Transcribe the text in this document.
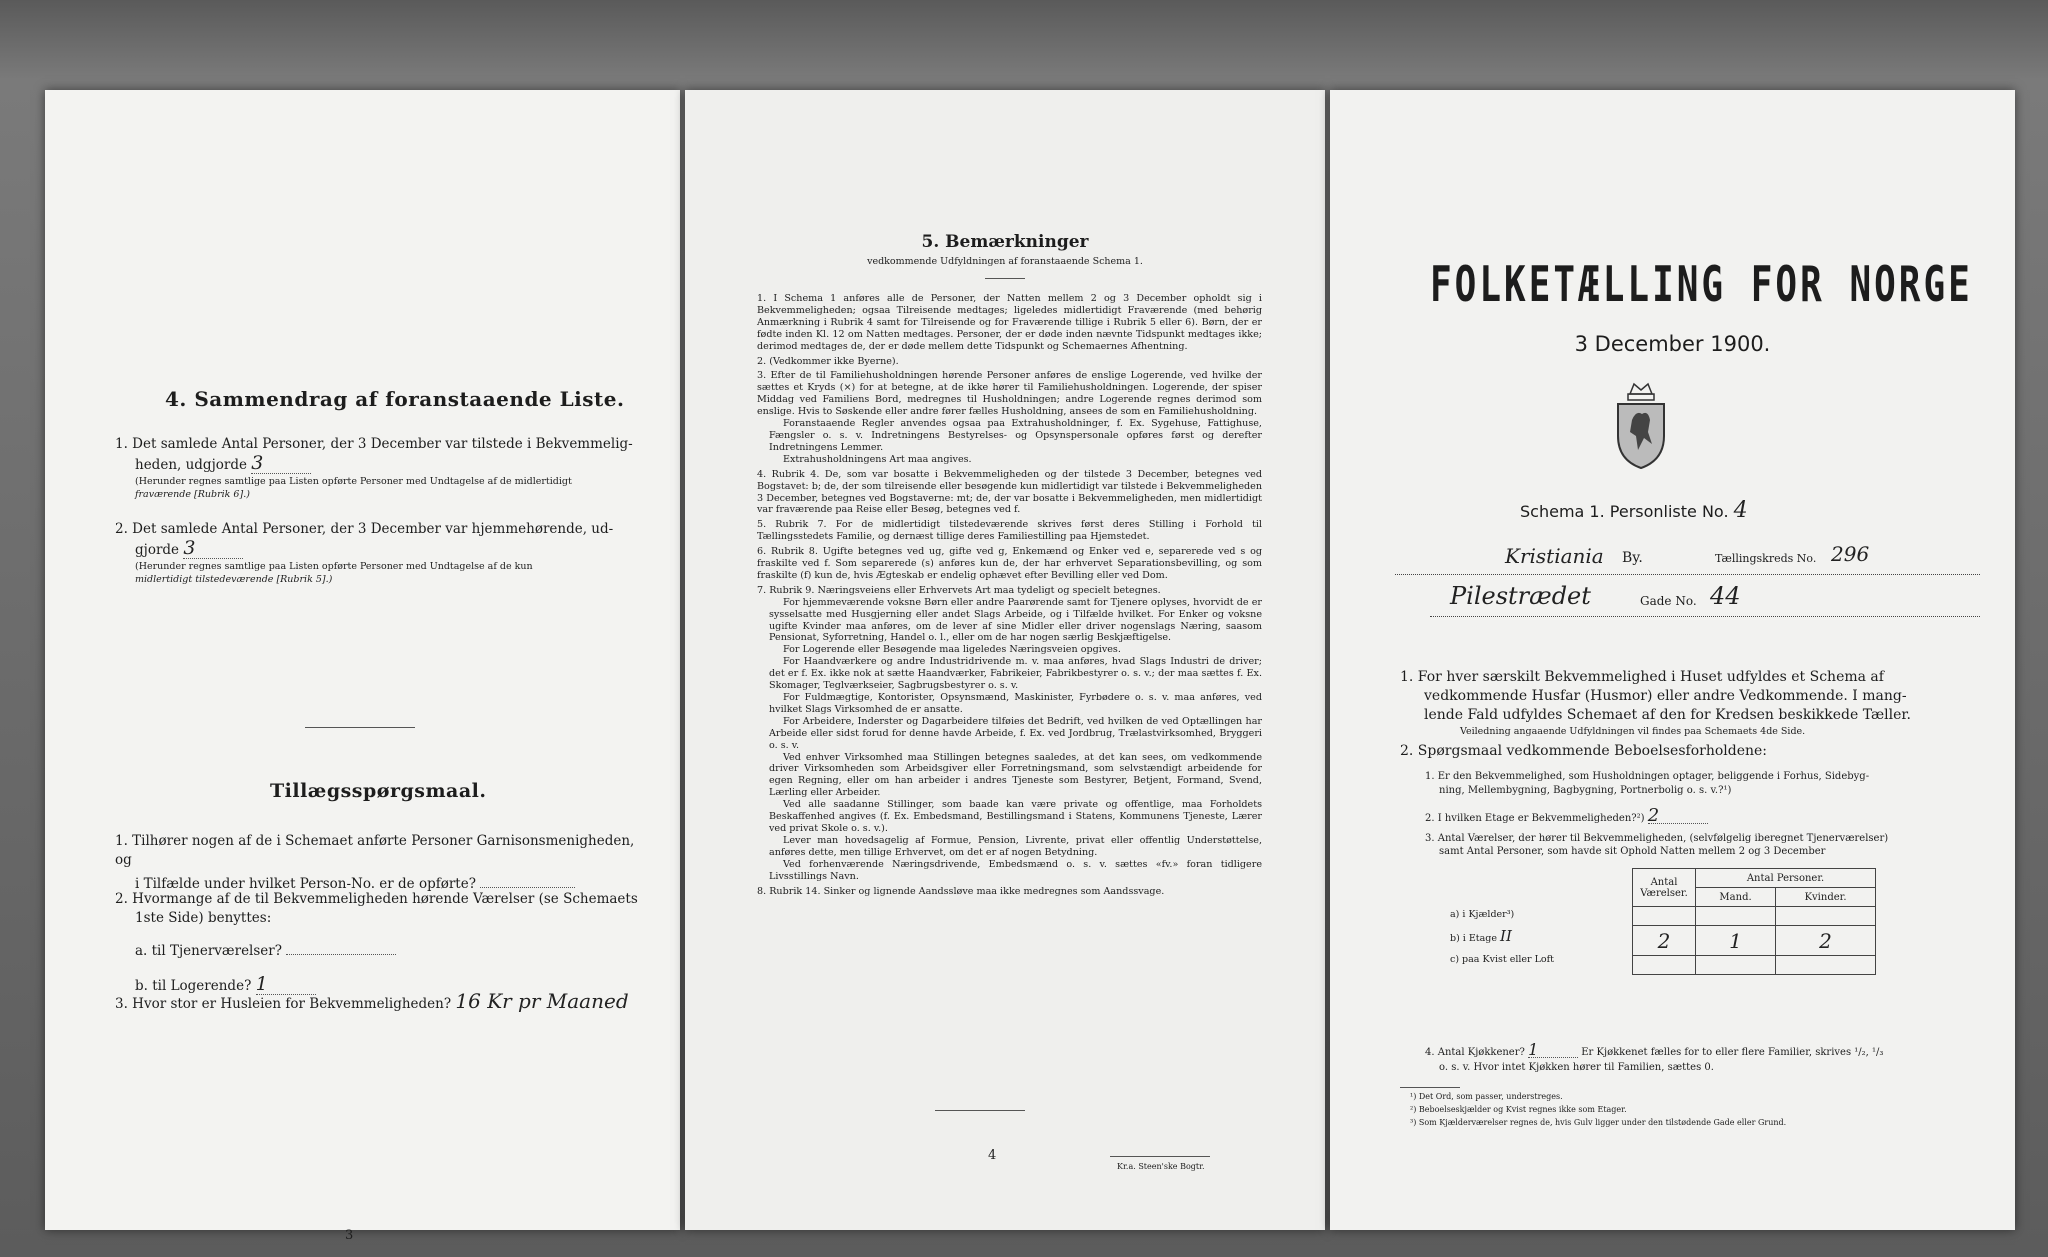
4. Sammendrag af foranstaaende Liste.
1. Det samlede Antal Personer, der 3 December var tilstede i Bekvemmelig-
heden, udgjorde 3
(Herunder regnes samtlige paa Listen opførte Personer med Undtagelse af de midlertidigt
fraværende [Rubrik 6].)
2. Det samlede Antal Personer, der 3 December var hjemmehørende, ud-
gjorde 3
(Herunder regnes samtlige paa Listen opførte Personer med Undtagelse af de kun
midlertidigt tilstedeværende [Rubrik 5].)
Tillægsspørgsmaal.
1. Tilhører nogen af de i Schemaet anførte Personer Garnisonsmenigheden, og
i Tilfælde under hvilket Person-No. er de opførte?
2. Hvormange af de til Bekvemmeligheden hørende Værelser (se Schemaets
1ste Side) benyttes:
a. til Tjenerværelser?
b. til Logerende? 1
3. Hvor stor er Husleien for Bekvemmeligheden? 16 Kr pr Maaned
3
5. Bemærkninger
vedkommende Udfyldningen af foranstaaende Schema 1.
1. I Schema 1 anføres alle de Personer, der Natten mellem 2 og 3 December opholdt sig i Bekvemmeligheden; ogsaa Tilreisende medtages; ligeledes midlertidigt Fraværende (med behørig Anmærkning i Rubrik 4 samt for Tilreisende og for Fraværende tillige i Rubrik 5 eller 6). Børn, der er fødte inden Kl. 12 om Natten medtages. Personer, der er døde inden nævnte Tidspunkt medtages ikke; derimod medtages de, der er døde mellem dette Tidspunkt og Schemaernes Afhentning.
2. (Vedkommer ikke Byerne).
3. Efter de til Familiehusholdningen hørende Personer anføres de enslige Logerende, ved hvilke der sættes et Kryds (×) for at betegne, at de ikke hører til Familiehusholdningen. Logerende, der spiser Middag ved Familiens Bord, medregnes til Husholdningen; andre Logerende regnes derimod som enslige. Hvis to Søskende eller andre fører fælles Husholdning, ansees de som en Familiehusholdning.
Foranstaaende Regler anvendes ogsaa paa Extrahusholdninger, f. Ex. Sygehuse, Fattighuse, Fængsler o. s. v. Indretningens Bestyrelses- og Opsynspersonale opføres først og derefter Indretningens Lemmer.
Extrahusholdningens Art maa angives.
4. Rubrik 4. De, som var bosatte i Bekvemmeligheden og der tilstede 3 December, betegnes ved Bogstavet: b; de, der som tilreisende eller besøgende kun midlertidigt var tilstede i Bekvemmeligheden 3 December, betegnes ved Bogstaverne: mt; de, der var bosatte i Bekvemmeligheden, men midlertidigt var fraværende paa Reise eller Besøg, betegnes ved f.
5. Rubrik 7. For de midlertidigt tilstedeværende skrives først deres Stilling i Forhold til Tællingsstedets Familie, og dernæst tillige deres Familiestilling paa Hjemstedet.
6. Rubrik 8. Ugifte betegnes ved ug, gifte ved g, Enkemænd og Enker ved e, separerede ved s og fraskilte ved f. Som separerede (s) anføres kun de, der har erhvervet Separationsbevilling, og som fraskilte (f) kun de, hvis Ægteskab er endelig ophævet efter Bevilling eller ved Dom.
7. Rubrik 9. Næringsveiens eller Erhvervets Art maa tydeligt og specielt betegnes.
For hjemmeværende voksne Børn eller andre Paarørende samt for Tjenere oplyses, hvorvidt de er sysselsatte med Husgjerning eller andet Slags Arbeide, og i Tilfælde hvilket. For Enker og voksne ugifte Kvinder maa anføres, om de lever af sine Midler eller driver nogenslags Næring, saasom Pensionat, Syforretning, Handel o. l., eller om de har nogen særlig Beskjæftigelse.
For Logerende eller Besøgende maa ligeledes Næringsveien opgives.
For Haandværkere og andre Industridrivende m. v. maa anføres, hvad Slags Industri de driver; det er f. Ex. ikke nok at sætte Haandværker, Fabrikeier, Fabrikbestyrer o. s. v.; der maa sættes f. Ex. Skomager, Teglværkseier, Sagbrugsbestyrer o. s. v.
For Fuldmægtige, Kontorister, Opsynsmænd, Maskinister, Fyrbødere o. s. v. maa anføres, ved hvilket Slags Virksomhed de er ansatte.
For Arbeidere, Inderster og Dagarbeidere tilføies det Bedrift, ved hvilken de ved Optællingen har Arbeide eller sidst forud for denne havde Arbeide, f. Ex. ved Jordbrug, Trælastvirksomhed, Bryggeri o. s. v.
Ved enhver Virksomhed maa Stillingen betegnes saaledes, at det kan sees, om vedkommende driver Virksomheden som Arbeidsgiver eller Forretningsmand, som selvstændigt arbeidende for egen Regning, eller om han arbeider i andres Tjeneste som Bestyrer, Betjent, Formand, Svend, Lærling eller Arbeider.
Ved alle saadanne Stillinger, som baade kan være private og offentlige, maa Forholdets Beskaffenhed angives (f. Ex. Embedsmand, Bestillingsmand i Statens, Kommunens Tjeneste, Lærer ved privat Skole o. s. v.).
Lever man hovedsagelig af Formue, Pension, Livrente, privat eller offentlig Understøttelse, anføres dette, men tillige Erhvervet, om det er af nogen Betydning.
Ved forhenværende Næringsdrivende, Embedsmænd o. s. v. sættes «fv.» foran tidligere Livsstillings Navn.
8. Rubrik 14. Sinker og lignende Aandssløve maa ikke medregnes som Aandssvage.
4
Kr.a. Steen'ske Bogtr.
FOLKETÆLLING FOR NORGE
3 December 1900.
Schema 1. Personliste No. 4
Kristiania By.	Tællingskreds No. 296
Pilestrædet	Gade No. 44
1. For hver særskilt Bekvemmelighed i Huset udfyldes et Schema af
vedkommende Husfar (Husmor) eller andre Vedkommende. I mang-
lende Fald udfyldes Schemaet af den for Kredsen beskikkede Tæller.
Veiledning angaaende Udfyldningen vil findes paa Schemaets 4de Side.
2. Spørgsmaal vedkommende Beboelsesforholdene:
1. Er den Bekvemmelighed, som Husholdningen optager, beliggende i Forhus, Sidebyg-
ning, Mellembygning, Bagbygning, Portnerbolig o. s. v.?¹)
2. I hvilken Etage er Bekvemmeligheden?²) 2
3. Antal Værelser, der hører til Bekvemmeligheden, (selvfølgelig iberegnet Tjenerværelser)
samt Antal Personer, som havde sit Ophold Natten mellem 2 og 3 December
a) i Kjælder³)
b) i Etage II
c) paa Kvist eller Loft
Antal Værelser.	Antal Personer.	
	Mand.	Kvinder.

2	1	2

4. Antal Kjøkkener? 1	Er Kjøkkenet fælles for to eller flere Familier, skrives ¹/₂, ¹/₃
o. s. v. Hvor intet Kjøkken hører til Familien, sættes 0.
¹) Det Ord, som passer, understreges.
²) Beboelseskjælder og Kvist regnes ikke som Etager.
³) Som Kjælderværelser regnes de, hvis Gulv ligger under den tilstødende Gade eller Grund.
